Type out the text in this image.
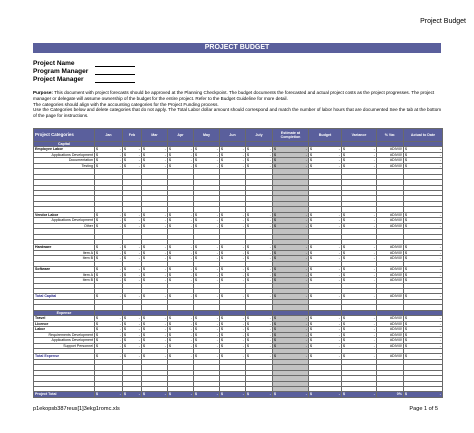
Project Budget
PROJECT BUDGET
Project Name
Program Manager
Project Manager
Purpose: This document with project forecasts should be approved at the Planning Checkpoint. The budget documents the forecasted and actual project costs as the project progresses. The project manager or delegate will assume ownership of the budget for the entire project. Refer to the Budget Guideline for more detail.
The categories should align with the accounting categories for the Project Funding process.
Use the Categories below and delete categories that do not apply. The Total Labor dollar amount should correspond and match the number of labor hours that are documented See the tab at the bottom of the page for instructions.
Project Categories	Jan	Feb	Mar	Apr	May	Jun	July	Estimate at Completion	Budget	Variance	% Var.	Actual to Date
Capital												
Employee Labor	$ -	$ -	$ -	$ -	$ -	$ -	$ -	$ -	$ -	$ -	#DIV/0!	$ -

Applications Development	$ -	$ -	$ -	$ -	$ -	$ -	$ -	$ -	$ -	$ -	#DIV/0!	$ -

Documentation	$ -	$ -	$ -	$ -	$ -	$ -	$ -	$ -	$ -	$ -	#DIV/0!	$ -

Testing	$ -	$ -	$ -	$ -	$ -	$ -	$ -	$ -	$ -	$ -	#DIV/0!	$ -

Vendor Labor	$ -	$ -	$ -	$ -	$ -	$ -	$ -	$ -	$ -	$ -	#DIV/0!	$ -

Applications Development	$ -	$ -	$ -	$ -	$ -	$ -	$ -	$ -	$ -	$ -	#DIV/0!	$ -

Other	$ -	$ -	$ -	$ -	$ -	$ -	$ -	$ -	$ -	$ -	#DIV/0!	$ -

Hardware	$ -	$ -	$ -	$ -	$ -	$ -	$ -	$ -	$ -	$ -	#DIV/0!	$ -

Item A	$ -	$ -	$ -	$ -	$ -	$ -	$ -	$ -	$ -	$ -	#DIV/0!	$ -

Item B	$ -	$ -	$ -	$ -	$ -	$ -	$ -	$ -	$ -	$ -	#DIV/0!	$ -

Software	$ -	$ -	$ -	$ -	$ -	$ -	$ -	$ -	$ -	$ -	#DIV/0!	$ -

Item A	$ -	$ -	$ -	$ -	$ -	$ -	$ -	$ -	$ -	$ -	#DIV/0!	$ -

Item B	$ -	$ -	$ -	$ -	$ -	$ -	$ -	$ -	$ -	$ -	#DIV/0!	$ -

Total Capital	$ -	$ -	$ -	$ -	$ -	$ -	$ -	$ -	$ -	$ -	#DIV/0!	$ -

Expense												
Travel	$ -	$ -	$ -	$ -	$ -	$ -	$ -	$ -	$ -	$ -	#DIV/0!	$ -

Licence	$ -	$ -	$ -	$ -	$ -	$ -	$ -	$ -	$ -	$ -	#DIV/0!	$ -

Labor	$ -	$ -	$ -	$ -	$ -	$ -	$ -	$ -	$ -	$ -	#DIV/0!	$ -

Requirements Development	$ -	$ -	$ -	$ -	$ -	$ -	$ -	$ -	$ -	$ -	#DIV/0!	$ -

Applications Development	$ -	$ -	$ -	$ -	$ -	$ -	$ -	$ -	$ -	$ -	#DIV/0!	$ -

Support Personnel	$ -	$ -	$ -	$ -	$ -	$ -	$ -	$ -	$ -	$ -	#DIV/0!	$ -

Total Expense	$ -	$ -	$ -	$ -	$ -	$ -	$ -	$ -	$ -	$ -	#DIV/0!	$ -

Project Total	$ -	$ -	$ -	$ -	$ -	$ -	$ -	$ -	$ -	$ -	0%	$ -
p1ekopsb387reus[1]3ekg1romc.xls	Page 1 of 5
